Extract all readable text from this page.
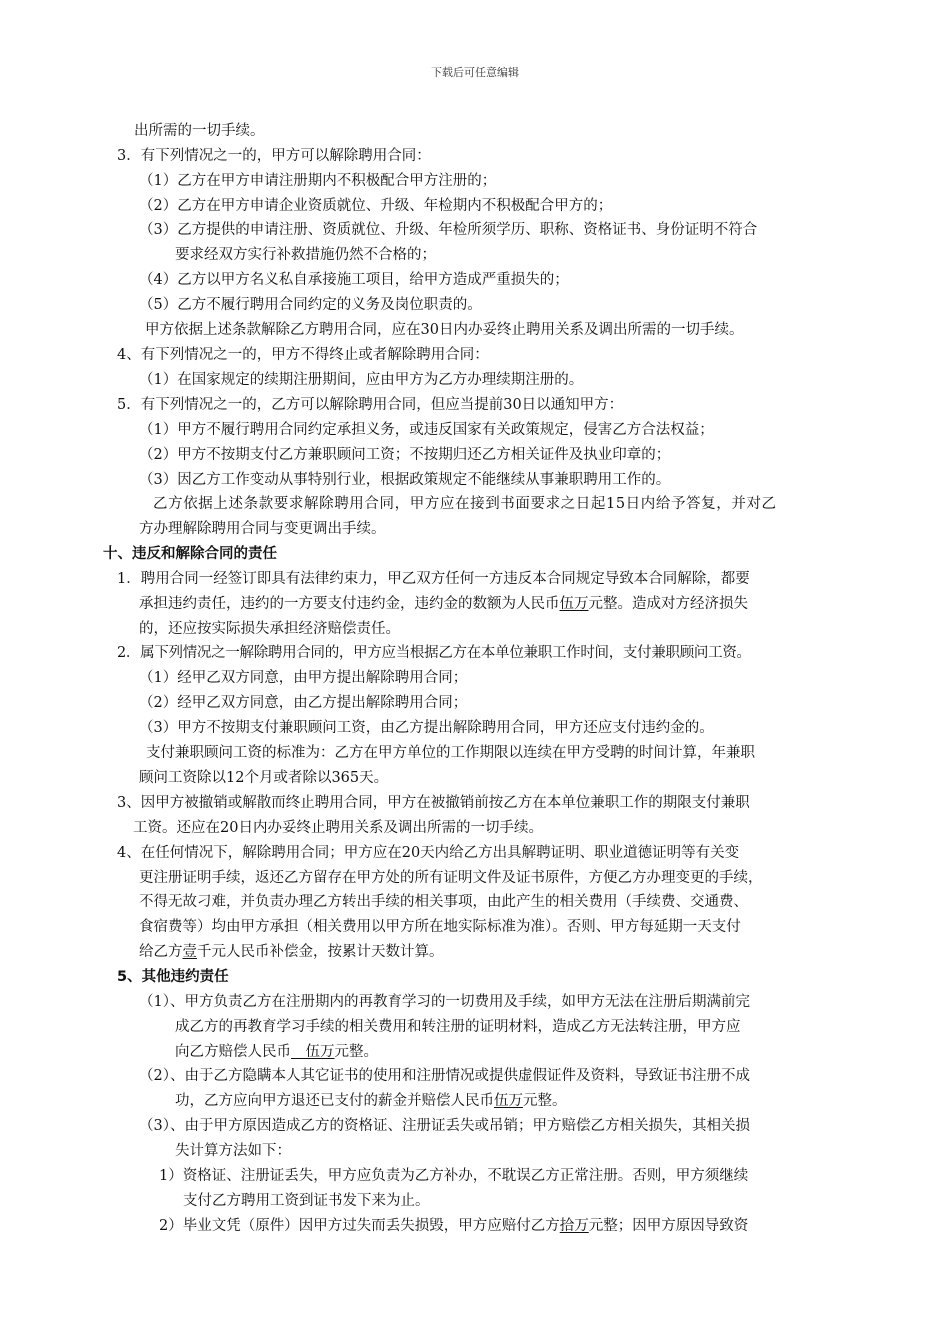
下载后可任意编辑
出所需的一切手续。
3．有下列情况之一的，甲方可以解除聘用合同：
（1）乙方在甲方申请注册期内不积极配合甲方注册的；
（2）乙方在甲方申请企业资质就位、升级、年检期内不积极配合甲方的；
（3）乙方提供的申请注册、资质就位、升级、年检所须学历、职称、资格证书、身份证明不符合
要求经双方实行补救措施仍然不合格的；
（4）乙方以甲方名义私自承接施工项目，给甲方造成严重损失的；
（5）乙方不履行聘用合同约定的义务及岗位职责的。
甲方依据上述条款解除乙方聘用合同，应在30日内办妥终止聘用关系及调出所需的一切手续。
4、有下列情况之一的，甲方不得终止或者解除聘用合同：
（1）在国家规定的续期注册期间，应由甲方为乙方办理续期注册的。
5．有下列情况之一的，乙方可以解除聘用合同，但应当提前30日以通知甲方：
（1）甲方不履行聘用合同约定承担义务，或违反国家有关政策规定，侵害乙方合法权益；
（2）甲方不按期支付乙方兼职顾问工资；不按期归还乙方相关证件及执业印章的；
（3）因乙方工作变动从事特别行业，根据政策规定不能继续从事兼职聘用工作的。
乙方依据上述条款要求解除聘用合同，甲方应在接到书面要求之日起15日内给予答复，并对乙
方办理解除聘用合同与变更调出手续。
十、违反和解除合同的责任
1．聘用合同一经签订即具有法律约束力，甲乙双方任何一方违反本合同规定导致本合同解除，都要
承担违约责任，违约的一方要支付违约金，违约金的数额为人民币伍万元整。造成对方经济损失
的，还应按实际损失承担经济赔偿责任。
2．属下列情况之一解除聘用合同的，甲方应当根据乙方在本单位兼职工作时间，支付兼职顾问工资。
（1）经甲乙双方同意，由甲方提出解除聘用合同；
（2）经甲乙双方同意，由乙方提出解除聘用合同；
（3）甲方不按期支付兼职顾问工资，由乙方提出解除聘用合同，甲方还应支付违约金的。
支付兼职顾问工资的标准为：乙方在甲方单位的工作期限以连续在甲方受聘的时间计算，年兼职
顾问工资除以12个月或者除以365天。
3、因甲方被撤销或解散而终止聘用合同，甲方在被撤销前按乙方在本单位兼职工作的期限支付兼职
工资。还应在20日内办妥终止聘用关系及调出所需的一切手续。
4、在任何情况下，解除聘用合同；甲方应在20天内给乙方出具解聘证明、职业道德证明等有关变
更注册证明手续，返还乙方留存在甲方处的所有证明文件及证书原件，方便乙方办理变更的手续，
不得无故刁难，并负责办理乙方转出手续的相关事项，由此产生的相关费用（手续费、交通费、
食宿费等）均由甲方承担（相关费用以甲方所在地实际标准为准）。否则、甲方每延期一天支付
给乙方壹千元人民币补偿金，按累计天数计算。
5、其他违约责任
（1）、甲方负责乙方在注册期内的再教育学习的一切费用及手续，如甲方无法在注册后期满前完
成乙方的再教育学习手续的相关费用和转注册的证明材料，造成乙方无法转注册，甲方应
向乙方赔偿人民币　伍万元整。
（2）、由于乙方隐瞒本人其它证书的使用和注册情况或提供虚假证件及资料，导致证书注册不成
功，乙方应向甲方退还已支付的薪金并赔偿人民币伍万元整。
（3）、由于甲方原因造成乙方的资格证、注册证丢失或吊销；甲方赔偿乙方相关损失，其相关损
失计算方法如下：
1）资格证、注册证丢失，甲方应负责为乙方补办，不耽误乙方正常注册。否则，甲方须继续
支付乙方聘用工资到证书发下来为止。
2）毕业文凭（原件）因甲方过失而丢失损毁，甲方应赔付乙方拾万元整；因甲方原因导致资
